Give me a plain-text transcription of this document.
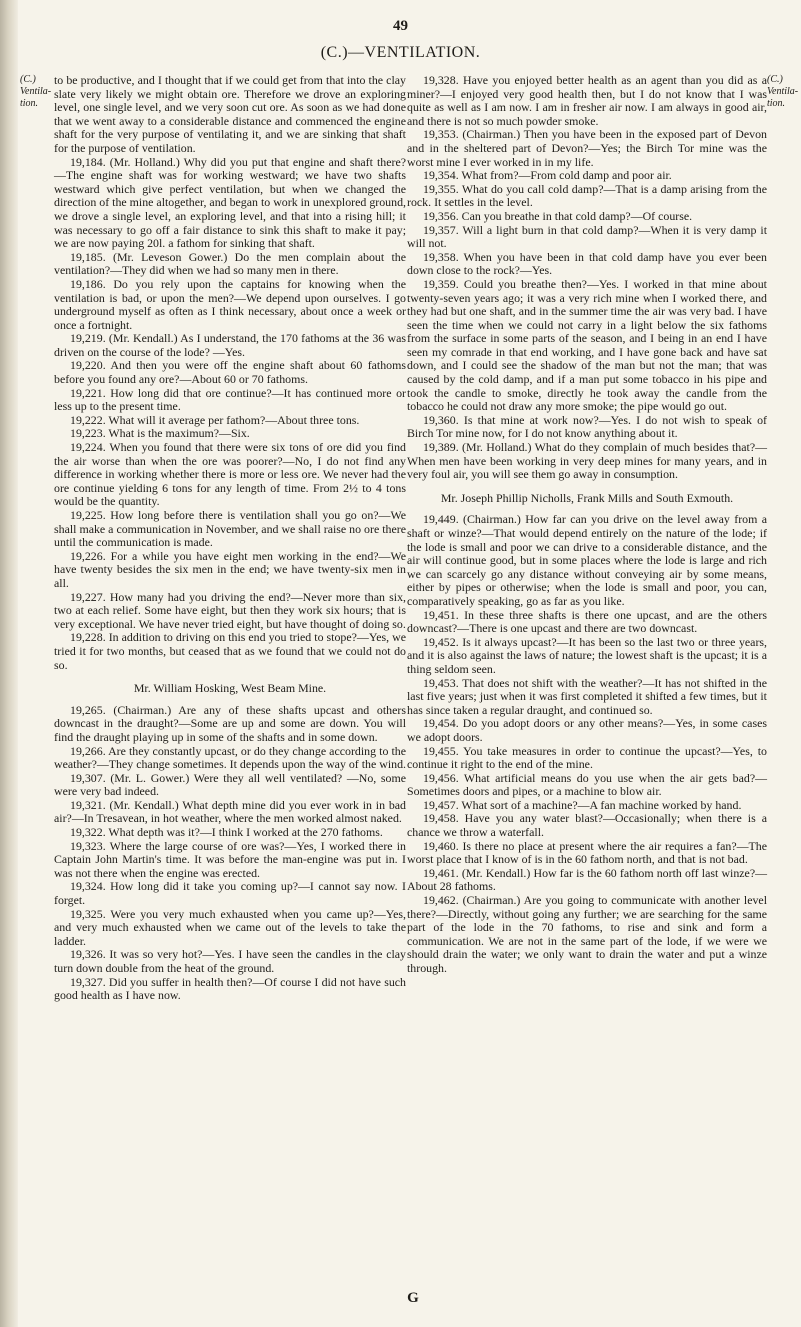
49
(C.)—VENTILATION.
(C.)
Ventila-
tion.
(C.)
Ventila-
tion.

to be productive, and I thought that if we could get from that into the clay slate very likely we might obtain ore. Therefore we drove an exploring level, one single level, and we very soon cut ore. As soon as we had done that we went away to a considerable distance and commenced the engine shaft for the very purpose of ventilating it, and we are sinking that shaft for the purpose of ventilation.

19,184. (Mr. Holland.) Why did you put that engine and shaft there?—The engine shaft was for working westward; we have two shafts westward which give perfect ventilation, but when we changed the direction of the mine altogether, and began to work in unexplored ground, we drove a single level, an exploring level, and that into a rising hill; it was necessary to go off a fair distance to sink this shaft to make it pay; we are now paying 20l. a fathom for sinking that shaft.

19,185. (Mr. Leveson Gower.) Do the men complain about the ventilation?—They did when we had so many men in there.

19,186. Do you rely upon the captains for knowing when the ventilation is bad, or upon the men?—We depend upon ourselves. I go underground myself as often as I think necessary, about once a week or once a fortnight.

19,219. (Mr. Kendall.) As I understand, the 170 fathoms at the 36 was driven on the course of the lode? —Yes.

19,220. And then you were off the engine shaft about 60 fathoms before you found any ore?—About 60 or 70 fathoms.

19,221. How long did that ore continue?—It has continued more or less up to the present time.

19,222. What will it average per fathom?—About three tons.

19,223. What is the maximum?—Six.

19,224. When you found that there were six tons of ore did you find the air worse than when the ore was poorer?—No, I do not find any difference in working whether there is more or less ore. We never had the ore continue yielding 6 tons for any length of time. From 2½ to 4 tons would be the quantity.

19,225. How long before there is ventilation shall you go on?—We shall make a communication in November, and we shall raise no ore there until the communication is made.

19,226. For a while you have eight men working in the end?—We have twenty besides the six men in the end; we have twenty-six men in all.

19,227. How many had you driving the end?—Never more than six, two at each relief. Some have eight, but then they work six hours; that is very exceptional. We have never tried eight, but have thought of doing so.

19,228. In addition to driving on this end you tried to stope?—Yes, we tried it for two months, but ceased that as we found that we could not do so.

Mr. William Hosking, West Beam Mine.

19,265. (Chairman.) Are any of these shafts upcast and others downcast in the draught?—Some are up and some are down. You will find the draught playing up in some of the shafts and in some down.

19,266. Are they constantly upcast, or do they change according to the weather?—They change sometimes. It depends upon the way of the wind.

19,307. (Mr. L. Gower.) Were they all well ventilated? —No, some were very bad indeed.

19,321. (Mr. Kendall.) What depth mine did you ever work in in bad air?—In Tresavean, in hot weather, where the men worked almost naked.

19,322. What depth was it?—I think I worked at the 270 fathoms.

19,323. Where the large course of ore was?—Yes, I worked there in Captain John Martin's time. It was before the man-engine was put in. I was not there when the engine was erected.

19,324. How long did it take you coming up?—I cannot say now. I forget.

19,325. Were you very much exhausted when you came up?—Yes, and very much exhausted when we came out of the levels to take the ladder.

19,326. It was so very hot?—Yes. I have seen the candles in the clay turn down double from the heat of the ground.

19,327. Did you suffer in health then?—Of course I did not have such good health as I have now.

19,328. Have you enjoyed better health as an agent than you did as a miner?—I enjoyed very good health then, but I do not know that I was quite as well as I am now. I am in fresher air now. I am always in good air, and there is not so much powder smoke.

19,353. (Chairman.) Then you have been in the exposed part of Devon and in the sheltered part of Devon?—Yes; the Birch Tor mine was the worst mine I ever worked in in my life.

19,354. What from?—From cold damp and poor air.

19,355. What do you call cold damp?—That is a damp arising from the rock. It settles in the level.

19,356. Can you breathe in that cold damp?—Of course.

19,357. Will a light burn in that cold damp?—When it is very damp it will not.

19,358. When you have been in that cold damp have you ever been down close to the rock?—Yes.

19,359. Could you breathe then?—Yes. I worked in that mine about twenty-seven years ago; it was a very rich mine when I worked there, and they had but one shaft, and in the summer time the air was very bad. I have seen the time when we could not carry in a light below the six fathoms from the surface in some parts of the season, and I being in an end I have seen my comrade in that end working, and I have gone back and have sat down, and I could see the shadow of the man but not the man; that was caused by the cold damp, and if a man put some tobacco in his pipe and took the candle to smoke, directly he took away the candle from the tobacco he could not draw any more smoke; the pipe would go out.

19,360. Is that mine at work now?—Yes. I do not wish to speak of Birch Tor mine now, for I do not know anything about it.

19,389. (Mr. Holland.) What do they complain of much besides that?—When men have been working in very deep mines for many years, and in very foul air, you will see them go away in consumption.

Mr. Joseph Phillip Nicholls, Frank Mills and South Exmouth.

19,449. (Chairman.) How far can you drive on the level away from a shaft or winze?—That would depend entirely on the nature of the lode; if the lode is small and poor we can drive to a considerable distance, and the air will continue good, but in some places where the lode is large and rich we can scarcely go any distance without conveying air by some means, either by pipes or otherwise; when the lode is small and poor, you can, comparatively speaking, go as far as you like.

19,451. In these three shafts is there one upcast, and are the others downcast?—There is one upcast and there are two downcast.

19,452. Is it always upcast?—It has been so the last two or three years, and it is also against the laws of nature; the lowest shaft is the upcast; it is a thing seldom seen.

19,453. That does not shift with the weather?—It has not shifted in the last five years; just when it was first completed it shifted a few times, but it has since taken a regular draught, and continued so.

19,454. Do you adopt doors or any other means?—Yes, in some cases we adopt doors.

19,455. You take measures in order to continue the upcast?—Yes, to continue it right to the end of the mine.

19,456. What artificial means do you use when the air gets bad?—Sometimes doors and pipes, or a machine to blow air.

19,457. What sort of a machine?—A fan machine worked by hand.

19,458. Have you any water blast?—Occasionally; when there is a chance we throw a waterfall.

19,460. Is there no place at present where the air requires a fan?—The worst place that I know of is in the 60 fathom north, and that is not bad.

19,461. (Mr. Kendall.) How far is the 60 fathom north off last winze?—About 28 fathoms.

19,462. (Chairman.) Are you going to communicate with another level there?—Directly, without going any further; we are searching for the same part of the lode in the 70 fathoms, to rise and sink and form a communication. We are not in the same part of the lode, if we were we should drain the water; we only want to drain the water and put a winze through.

G
